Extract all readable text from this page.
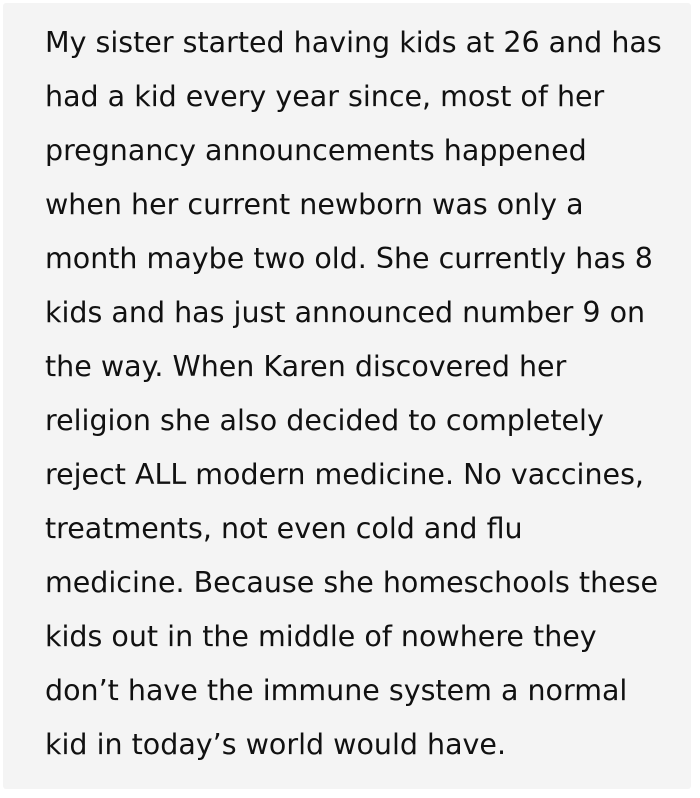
My sister started having kids at 26 and has
had a kid every year since, most of her
pregnancy announcements happened
when her current newborn was only a
month maybe two old. She currently has 8
kids and has just announced number 9 on
the way. When Karen discovered her
religion she also decided to completely
reject ALL modern medicine. No vaccines,
treatments, not even cold and flu
medicine. Because she homeschools these
kids out in the middle of nowhere they
don’t have the immune system a normal
kid in today’s world would have.
